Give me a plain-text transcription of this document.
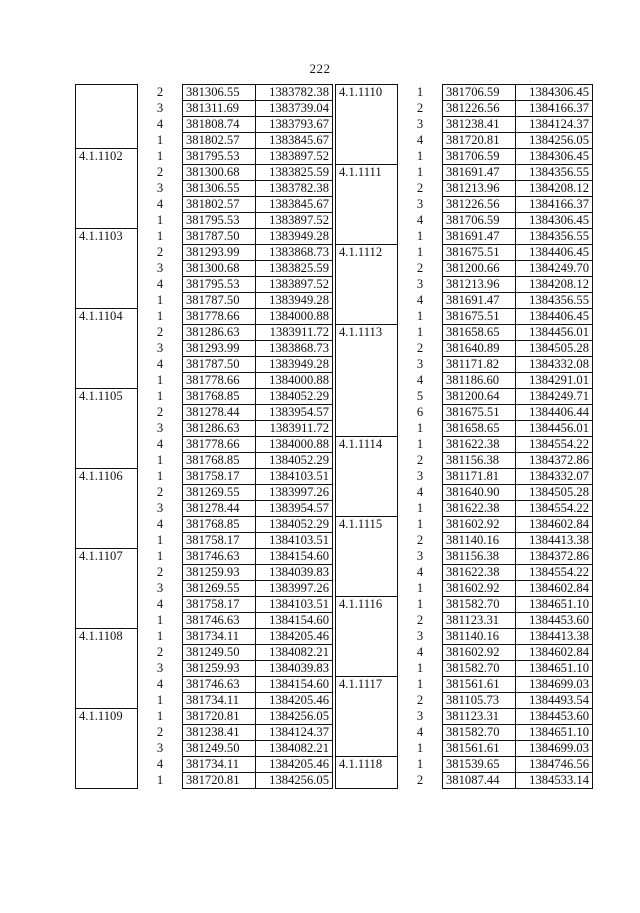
222
	2	381306.55	1383782.38
	3	381311.69	1383739.04
	4	381808.74	1383793.67
	1	381802.57	1383845.67
4.1.1102	1	381795.53	1383897.52
	2	381300.68	1383825.59
	3	381306.55	1383782.38
	4	381802.57	1383845.67
	1	381795.53	1383897.52
4.1.1103	1	381787.50	1383949.28
	2	381293.99	1383868.73
	3	381300.68	1383825.59
	4	381795.53	1383897.52
	1	381787.50	1383949.28
4.1.1104	1	381778.66	1384000.88
	2	381286.63	1383911.72
	3	381293.99	1383868.73
	4	381787.50	1383949.28
	1	381778.66	1384000.88
4.1.1105	1	381768.85	1384052.29
	2	381278.44	1383954.57
	3	381286.63	1383911.72
	4	381778.66	1384000.88
	1	381768.85	1384052.29
4.1.1106	1	381758.17	1384103.51
	2	381269.55	1383997.26
	3	381278.44	1383954.57
	4	381768.85	1384052.29
	1	381758.17	1384103.51
4.1.1107	1	381746.63	1384154.60
	2	381259.93	1384039.83
	3	381269.55	1383997.26
	4	381758.17	1384103.51
	1	381746.63	1384154.60
4.1.1108	1	381734.11	1384205.46
	2	381249.50	1384082.21
	3	381259.93	1384039.83
	4	381746.63	1384154.60
	1	381734.11	1384205.46
4.1.1109	1	381720.81	1384256.05
	2	381238.41	1384124.37
	3	381249.50	1384082.21
	4	381734.11	1384205.46
	1	381720.81	1384256.05
4.1.1110	1	381706.59	1384306.45
	2	381226.56	1384166.37
	3	381238.41	1384124.37
	4	381720.81	1384256.05
	1	381706.59	1384306.45
4.1.1111	1	381691.47	1384356.55
	2	381213.96	1384208.12
	3	381226.56	1384166.37
	4	381706.59	1384306.45
	1	381691.47	1384356.55
4.1.1112	1	381675.51	1384406.45
	2	381200.66	1384249.70
	3	381213.96	1384208.12
	4	381691.47	1384356.55
	1	381675.51	1384406.45
4.1.1113	1	381658.65	1384456.01
	2	381640.89	1384505.28
	3	381171.82	1384332.08
	4	381186.60	1384291.01
	5	381200.64	1384249.71
	6	381675.51	1384406.44
	1	381658.65	1384456.01
4.1.1114	1	381622.38	1384554.22
	2	381156.38	1384372.86
	3	381171.81	1384332.07
	4	381640.90	1384505.28
	1	381622.38	1384554.22
4.1.1115	1	381602.92	1384602.84
	2	381140.16	1384413.38
	3	381156.38	1384372.86
	4	381622.38	1384554.22
	1	381602.92	1384602.84
4.1.1116	1	381582.70	1384651.10
	2	381123.31	1384453.60
	3	381140.16	1384413.38
	4	381602.92	1384602.84
	1	381582.70	1384651.10
4.1.1117	1	381561.61	1384699.03
	2	381105.73	1384493.54
	3	381123.31	1384453.60
	4	381582.70	1384651.10
	1	381561.61	1384699.03
4.1.1118	1	381539.65	1384746.56
	2	381087.44	1384533.14
